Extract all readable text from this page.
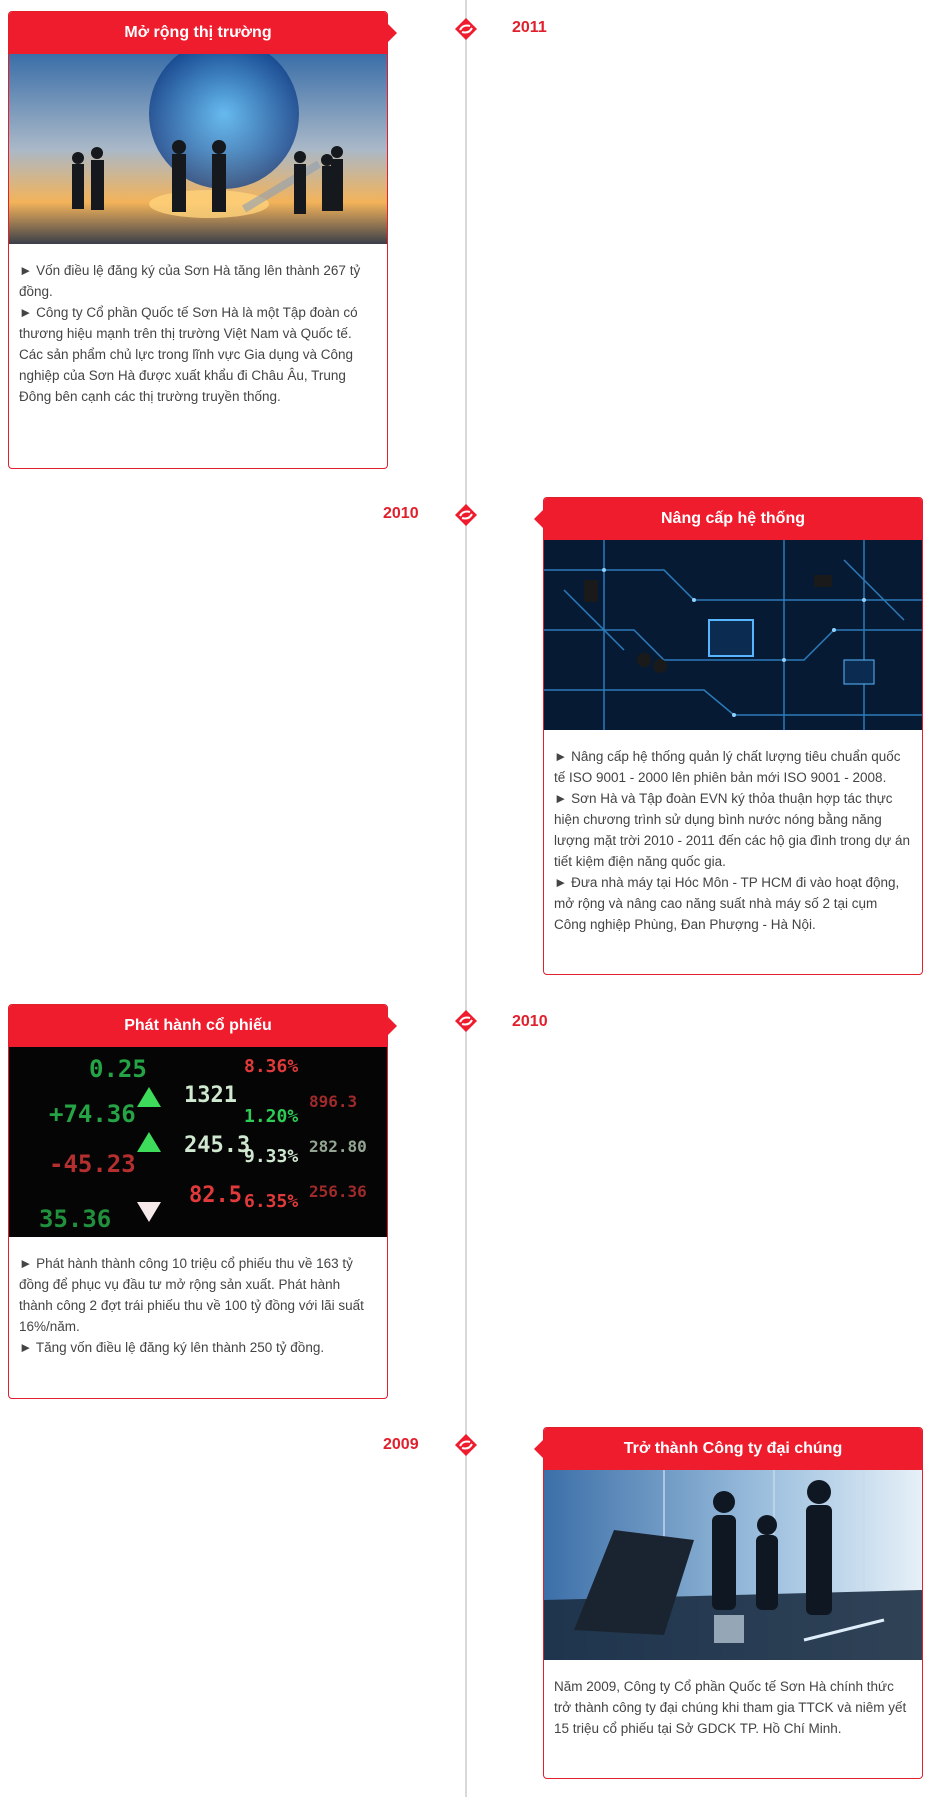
2011
Mở rộng thị trường

► Vốn điều lệ đăng ký của Sơn Hà tăng lên thành 267 tỷ đồng.

► Công ty Cổ phần Quốc tế Sơn Hà là một Tập đoàn có thương hiệu mạnh trên thị trường Việt Nam và Quốc tế. Các sản phẩm chủ lực trong lĩnh vực Gia dụng và Công nghiệp của Sơn Hà được xuất khẩu đi Châu Âu, Trung Đông bên cạnh các thị trường truyền thống.

2010	Nâng cấp hệ thống

► Nâng cấp hệ thống quản lý chất lượng tiêu chuẩn quốc tế ISO 9001 - 2000 lên phiên bản mới ISO 9001 - 2008.

► Sơn Hà và Tập đoàn EVN ký thỏa thuận hợp tác thực hiện chương trình sử dụng bình nước nóng bằng năng lượng mặt trời 2010 - 2011 đến các hộ gia đình trong dự án tiết kiệm điện năng quốc gia.

► Đưa nhà máy tại Hóc Môn - TP HCM đi vào hoạt động, mở rộng và nâng cao năng suất nhà máy số 2 tại cụm Công nghiệp Phùng, Đan Phượng - Hà Nội.

2010
Phát hành cổ phiếu
0.25
+74.36
-45.23
35.36
1321
245.3
82.5
8.36%
1.20%
9.33%
6.35%
896.3
282.80
256.36

► Phát hành thành công 10 triệu cổ phiếu thu về 163 tỷ đồng để phục vụ đầu tư mở rộng sản xuất. Phát hành thành công 2 đợt trái phiếu thu về 100 tỷ đồng với lãi suất 16%/năm.

► Tăng vốn điều lệ đăng ký lên thành 250 tỷ đồng.

2009	Trở thành Công ty đại chúng

Năm 2009, Công ty Cổ phần Quốc tế Sơn Hà chính thức trở thành công ty đại chúng khi tham gia TTCK và niêm yết 15 triệu cổ phiếu tại Sở GDCK TP. Hồ Chí Minh.
